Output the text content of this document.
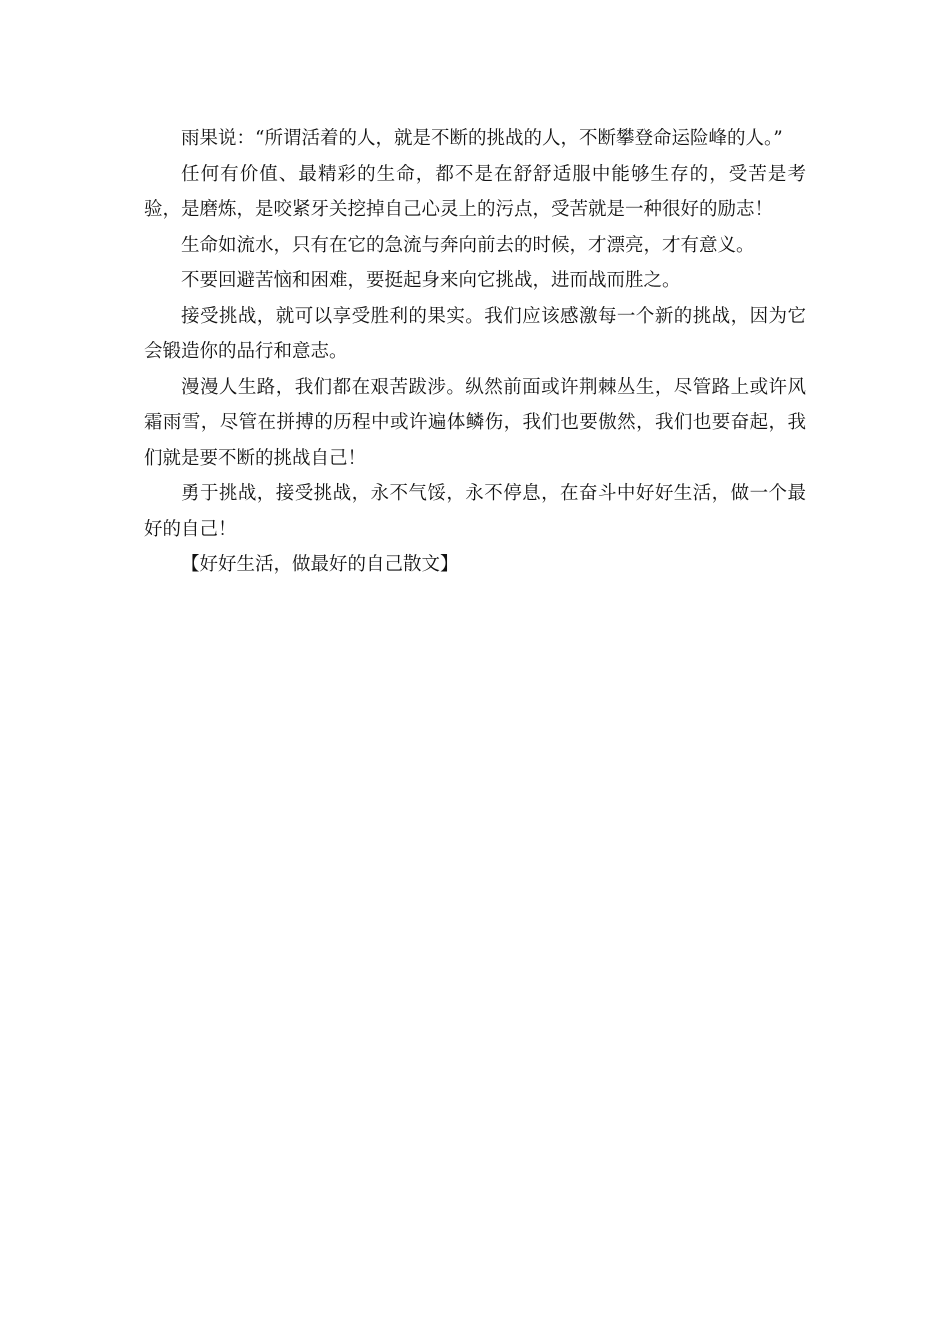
雨果说：“所谓活着的人，就是不断的挑战的人，不断攀登命运险峰的人。”

任何有价值、最精彩的生命，都不是在舒舒适服中能够生存的，受苦是考验，是磨炼，是咬紧牙关挖掉自己心灵上的污点，受苦就是一种很好的励志！

生命如流水，只有在它的急流与奔向前去的时候，才漂亮，才有意义。

不要回避苦恼和困难，要挺起身来向它挑战，进而战而胜之。

接受挑战，就可以享受胜利的果实。我们应该感激每一个新的挑战，因为它会锻造你的品行和意志。

漫漫人生路，我们都在艰苦跋涉。纵然前面或许荆棘丛生，尽管路上或许风霜雨雪，尽管在拼搏的历程中或许遍体鳞伤，我们也要傲然，我们也要奋起，我们就是要不断的挑战自己！

勇于挑战，接受挑战，永不气馁，永不停息，在奋斗中好好生活，做一个最好的自己！

【好好生活，做最好的自己散文】
